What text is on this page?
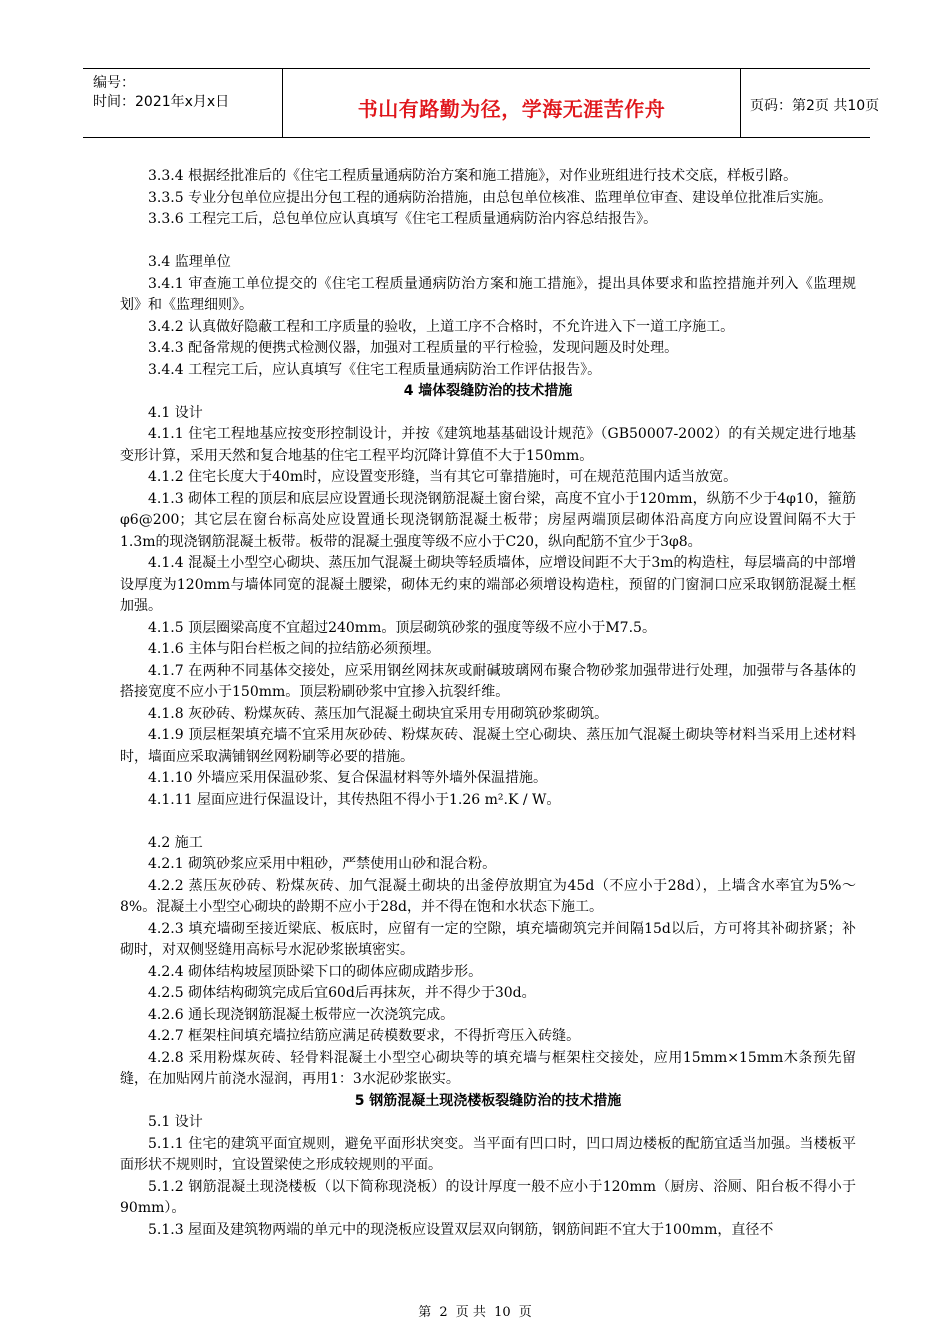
编号：
时间：2021年x月x日	书山有路勤为径，学海无涯苦作舟	页码：第2页 共10页

3.3.4 根据经批准后的《住宅工程质量通病防治方案和施工措施》，对作业班组进行技术交底，样板引路。

3.3.5 专业分包单位应提出分包工程的通病防治措施，由总包单位核准、监理单位审查、建设单位批准后实施。

3.3.6 工程完工后，总包单位应认真填写《住宅工程质量通病防治内容总结报告》。

3.4 监理单位

3.4.1 审查施工单位提交的《住宅工程质量通病防治方案和施工措施》，提出具体要求和监控措施并列入《监理规划》和《监理细则》。

3.4.2 认真做好隐蔽工程和工序质量的验收，上道工序不合格时，不允许进入下一道工序施工。

3.4.3 配备常规的便携式检测仪器，加强对工程质量的平行检验，发现问题及时处理。

3.4.4 工程完工后，应认真填写《住宅工程质量通病防治工作评估报告》。

4 墙体裂缝防治的技术措施

4.1 设计

4.1.1 住宅工程地基应按变形控制设计，并按《建筑地基基础设计规范》（GB50007-2002）的有关规定进行地基变形计算，采用天然和复合地基的住宅工程平均沉降计算值不大于150mm。

4.1.2 住宅长度大于40m时，应设置变形缝，当有其它可靠措施时，可在规范范围内适当放宽。

4.1.3 砌体工程的顶层和底层应设置通长现浇钢筋混凝土窗台梁，高度不宜小于120mm，纵筋不少于4φ10，箍筋φ6@200；其它层在窗台标高处应设置通长现浇钢筋混凝土板带；房屋两端顶层砌体沿高度方向应设置间隔不大于1.3m的现浇钢筋混凝土板带。板带的混凝土强度等级不应小于C20，纵向配筋不宜少于3φ8。

4.1.4 混凝土小型空心砌块、蒸压加气混凝土砌块等轻质墙体，应增设间距不大于3m的构造柱，每层墙高的中部增设厚度为120mm与墙体同宽的混凝土腰梁，砌体无约束的端部必须增设构造柱，预留的门窗洞口应采取钢筋混凝土框加强。

4.1.5 顶层圈梁高度不宜超过240mm。顶层砌筑砂浆的强度等级不应小于M7.5。

4.1.6 主体与阳台栏板之间的拉结筋必须预埋。

4.1.7 在两种不同基体交接处，应采用钢丝网抹灰或耐碱玻璃网布聚合物砂浆加强带进行处理，加强带与各基体的搭接宽度不应小于150mm。顶层粉刷砂浆中宜掺入抗裂纤维。

4.1.8 灰砂砖、粉煤灰砖、蒸压加气混凝土砌块宜采用专用砌筑砂浆砌筑。

4.1.9 顶层框架填充墙不宜采用灰砂砖、粉煤灰砖、混凝土空心砌块、蒸压加气混凝土砌块等材料当采用上述材料时，墙面应采取满铺钢丝网粉刷等必要的措施。

4.1.10 外墙应采用保温砂浆、复合保温材料等外墙外保温措施。

4.1.11 屋面应进行保温设计，其传热阻不得小于1.26 m².K / W。

4.2 施工

4.2.1 砌筑砂浆应采用中粗砂，严禁使用山砂和混合粉。

4.2.2 蒸压灰砂砖、粉煤灰砖、加气混凝土砌块的出釜停放期宜为45d（不应小于28d），上墙含水率宜为5%～8%。混凝土小型空心砌块的龄期不应小于28d，并不得在饱和水状态下施工。

4.2.3 填充墙砌至接近梁底、板底时，应留有一定的空隙，填充墙砌筑完并间隔15d以后，方可将其补砌挤紧；补砌时，对双侧竖缝用高标号水泥砂浆嵌填密实。

4.2.4 砌体结构坡屋顶卧梁下口的砌体应砌成踏步形。

4.2.5 砌体结构砌筑完成后宜60d后再抹灰，并不得少于30d。

4.2.6 通长现浇钢筋混凝土板带应一次浇筑完成。

4.2.7 框架柱间填充墙拉结筋应满足砖模数要求，不得折弯压入砖缝。

4.2.8 采用粉煤灰砖、轻骨料混凝土小型空心砌块等的填充墙与框架柱交接处，应用15mm×15mm木条预先留缝，在加贴网片前浇水湿润，再用1：3水泥砂浆嵌实。

5 钢筋混凝土现浇楼板裂缝防治的技术措施

5.1 设计

5.1.1 住宅的建筑平面宜规则，避免平面形状突变。当平面有凹口时，凹口周边楼板的配筋宜适当加强。当楼板平面形状不规则时，宜设置梁使之形成较规则的平面。

5.1.2 钢筋混凝土现浇楼板（以下简称现浇板）的设计厚度一般不应小于120mm（厨房、浴厕、阳台板不得小于90mm）。

5.1.3 屋面及建筑物两端的单元中的现浇板应设置双层双向钢筋，钢筋间距不宜大于100mm，直径不

第 2 页 共 10 页
